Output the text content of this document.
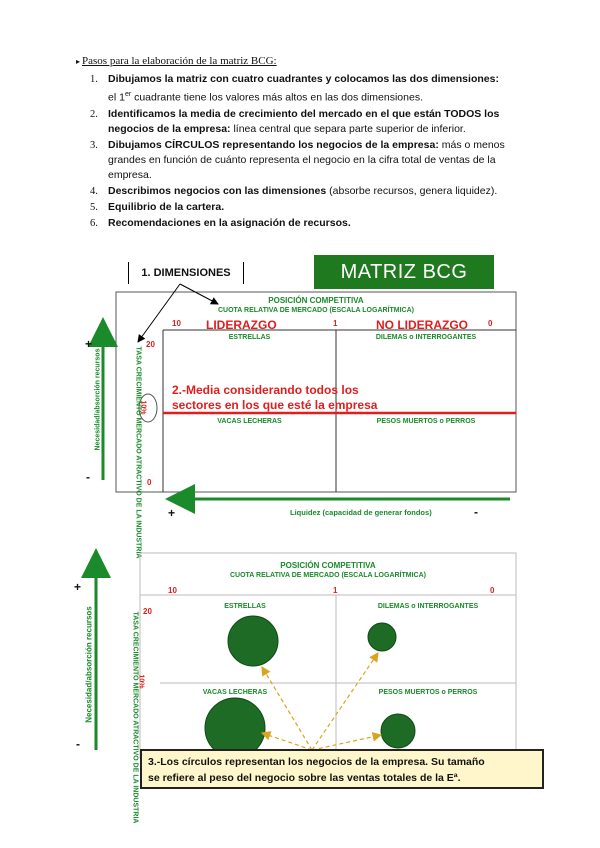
▸ Pasos para la elaboración de la matriz BCG:
1. Dibujamos la matriz con cuatro cuadrantes y colocamos las dos dimensiones:
el 1er cuadrante tiene los valores más altos en las dos dimensiones.
2. Identificamos la media de crecimiento del mercado en el que están TODOS los negocios de la empresa: línea central que separa parte superior de inferior.
3. Dibujamos CÍRCULOS representando los negocios de la empresa: más o menos grandes en función de cuánto representa el negocio en la cifra total de ventas de la empresa.
4. Describimos negocios con las dimensiones (absorbe recursos, genera liquidez).
5. Equilibrio de la cartera.
6. Recomendaciones en la asignación de recursos.
1. DIMENSIONES	MATRIZ BCG
POSICIÓN COMPETITIVA
CUOTA RELATIVA DE MERCADO (ESCALA LOGARÍTMICA)
10	1	0
LIDERAZGO	NO LIDERAZGO
ESTRELLAS	DILEMAS o INTERROGANTES
VACAS LECHERAS	PESOS MUERTOS o PERROS
20
10%
0
TASA CRECIMIENTO MERCADO ATRACTIVO DE LA INDUSTRIA
Necesidad/absorción recursos
+
-
2.-Media considerando todos los
sectores en los que esté la empresa
+	-
Liquidez (capacidad de generar fondos)
POSICIÓN COMPETITIVA
CUOTA RELATIVA DE MERCADO (ESCALA LOGARÍTMICA)
10	1	0
ESTRELLAS	DILEMAS o INTERROGANTES
VACAS LECHERAS	PESOS MUERTOS o PERROS
20
10%
TASA CRECIMIENTO MERCADO ATRACTIVO DE LA INDUSTRIA
Necesidad/absorción recursos
+
-
3.-Los círculos representan los negocios de la empresa. Su tamaño
se refiere al peso del negocio sobre las ventas totales de la Eª.
